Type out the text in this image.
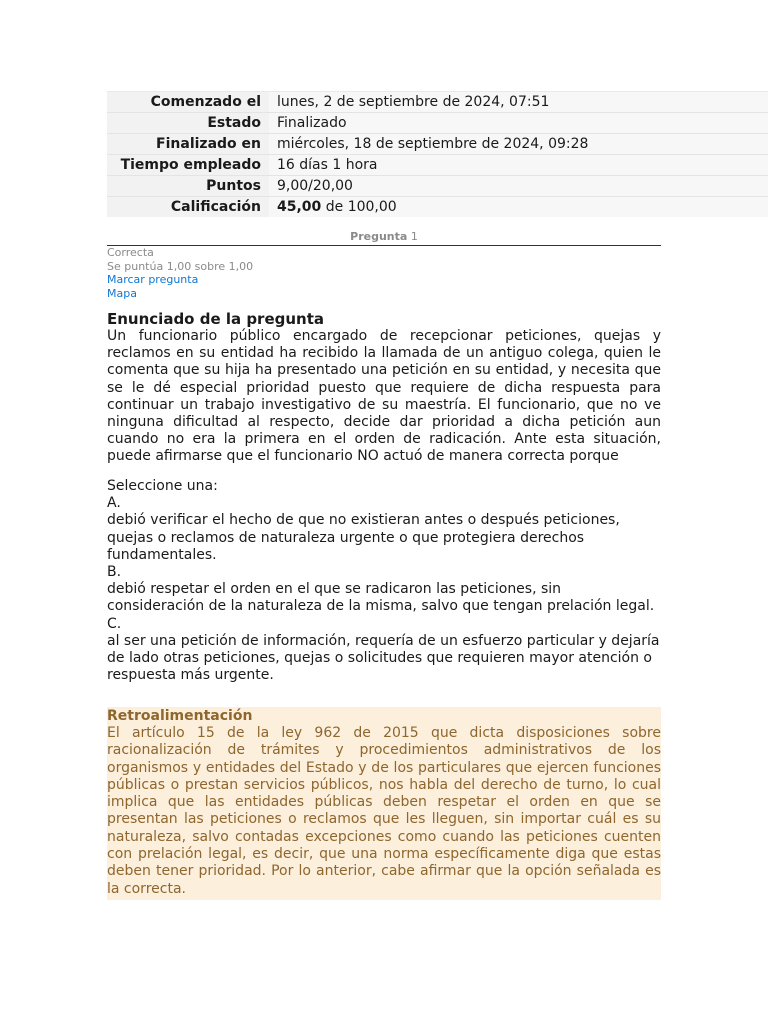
Comenzado el	lunes, 2 de septiembre de 2024, 07:51
Estado	Finalizado
Finalizado en	miércoles, 18 de septiembre de 2024, 09:28
Tiempo empleado	16 días 1 hora
Puntos	9,00/20,00
Calificación	45,00 de 100,00
Pregunta 1
Correcta
Se puntúa 1,00 sobre 1,00
Marcar pregunta
Mapa
Enunciado de la pregunta

Un funcionario público encargado de recepcionar peticiones, quejas y reclamos en su entidad ha recibido la llamada de un antiguo colega, quien le comenta que su hija ha presentado una petición en su entidad, y necesita que se le dé especial prioridad puesto que requiere de dicha respuesta para continuar un trabajo investigativo de su maestría. El funcionario, que no ve ninguna dificultad al respecto, decide dar prioridad a dicha petición aun cuando no era la primera en el orden de radicación. Ante esta situación, puede afirmarse que el funcionario NO actuó de manera correcta porque

Seleccione una:

A.

debió verificar el hecho de que no existieran antes o después peticiones, quejas o reclamos de naturaleza urgente o que protegiera derechos fundamentales.

B.

debió respetar el orden en el que se radicaron las peticiones, sin consideración de la naturaleza de la misma, salvo que tengan prelación legal.

C.

al ser una petición de información, requería de un esfuerzo particular y dejaría de lado otras peticiones, quejas o solicitudes que requieren mayor atención o respuesta más urgente.

Retroalimentación

El artículo 15 de la ley 962 de 2015 que dicta disposiciones sobre racionalización de trámites y procedimientos administrativos de los organismos y entidades del Estado y de los particulares que ejercen funciones públicas o prestan servicios públicos, nos habla del derecho de turno, lo cual implica que las entidades públicas deben respetar el orden en que se presentan las peticiones o reclamos que les lleguen, sin importar cuál es su naturaleza, salvo contadas excepciones como cuando las peticiones cuenten con prelación legal, es decir, que una norma específicamente diga que estas deben tener prioridad. Por lo anterior, cabe afirmar que la opción señalada es la correcta.
